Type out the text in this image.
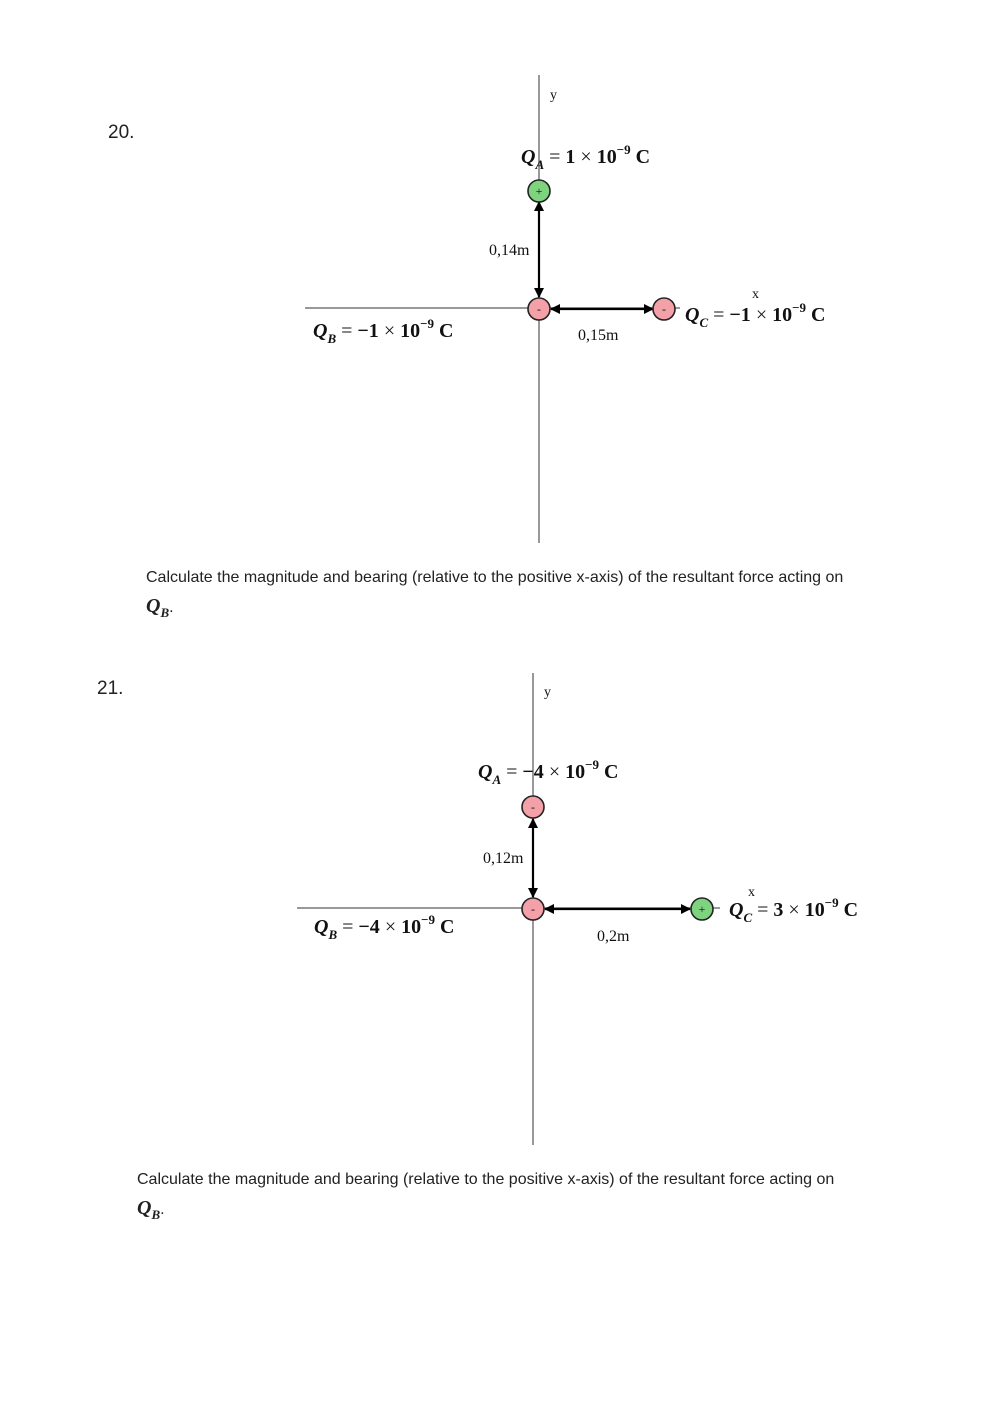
20.
y
x
0,14m
0,15m
+
-	-
$Q_A = 1 \times 10^{-9}$ C
$Q_B = -1 \times 10^{-9}$ C
$Q_C = -1 \times 10^{-9}$ C
y
x
0,12m
0,2m
-
-	+
$Q_A = -4 \times 10^{-9}$ C
$Q_B = -4 \times 10^{-9}$ C
$Q_C = 3 \times 10^{-9}$ C
Calculate the magnitude and bearing (relative to the positive x-axis) of the resultant force acting on
$Q_B$.
21.
Calculate the magnitude and bearing (relative to the positive x-axis) of the resultant force acting on
$Q_B$.
